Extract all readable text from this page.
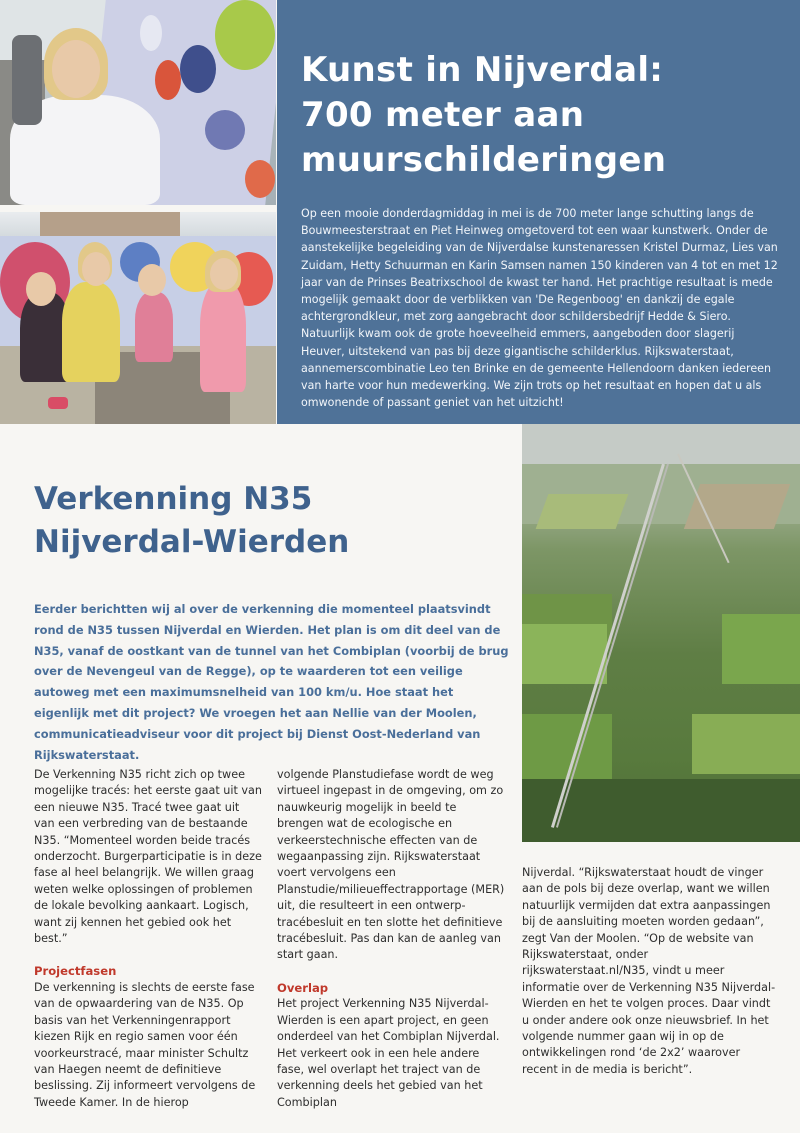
Kunst in Nijverdal:
700 meter aan
muurschilderingen

Op een mooie donderdagmiddag in mei is de 700 meter lange schutting langs de Bouwmeesterstraat en Piet Heinweg omgetoverd tot een waar kunstwerk. Onder de aanstekelijke begeleiding van de Nijverdalse kunstenaressen Kristel Durmaz, Lies van Zuidam, Hetty Schuurman en Karin Samsen namen 150 kinderen van 4 tot en met 12 jaar van de Prinses Beatrixschool de kwast ter hand. Het prachtige resultaat is mede mogelijk gemaakt door de verblikken van 'De Regenboog' en dankzij de egale achtergrondkleur, met zorg aangebracht door schildersbedrijf Hedde & Siero. Natuurlijk kwam ook de grote hoeveelheid emmers, aangeboden door slagerij Heuver, uitstekend van pas bij deze gigantische schilderklus. Rijkswaterstaat, aannemerscombinatie Leo ten Brinke en de gemeente Hellendoorn danken iedereen van harte voor hun medewerking. We zijn trots op het resultaat en hopen dat u als omwonende of passant geniet van het uitzicht!

Verkenning N35
Nijverdal-Wierden

Eerder berichtten wij al over de verkenning die momenteel plaatsvindt rond de N35 tussen Nijverdal en Wierden. Het plan is om dit deel van de N35, vanaf de oostkant van de tunnel van het Combiplan (voorbij de brug over de Nevengeul van de Regge), op te waarderen tot een veilige autoweg met een maximumsnelheid van 100 km/u. Hoe staat het eigenlijk met dit project? We vroegen het aan Nellie van der Moolen, communicatieadviseur voor dit project bij Dienst Oost-Nederland van Rijkswaterstaat.

De Verkenning N35 richt zich op twee mogelijke tracés: het eerste gaat uit van een nieuwe N35. Tracé twee gaat uit van een verbreding van de bestaande N35. “Momenteel worden beide tracés onderzocht. Burgerparticipatie is in deze fase al heel belangrijk. We willen graag weten welke oplossingen of problemen de lokale bevolking aankaart. Logisch, want zij kennen het gebied ook het best.”

Projectfasen

De verkenning is slechts de eerste fase van de opwaardering van de N35. Op basis van het Verkenningenrapport kiezen Rijk en regio samen voor één voorkeurstracé, maar minister Schultz van Haegen neemt de definitieve beslissing. Zij informeert vervolgens de Tweede Kamer. In de hierop

volgende Planstudiefase wordt de weg virtueel ingepast in de omgeving, om zo nauwkeurig mogelijk in beeld te brengen wat de ecologische en verkeerstechnische effecten van de wegaanpassing zijn. Rijkswaterstaat voert vervolgens een Planstudie/milieueffectrapportage (MER) uit, die resulteert in een ontwerp-tracébesluit en ten slotte het definitieve tracébesluit. Pas dan kan de aanleg van start gaan.

Overlap

Het project Verkenning N35 Nijverdal-Wierden is een apart project, en geen onderdeel van het Combiplan Nijverdal. Het verkeert ook in een hele andere fase, wel overlapt het traject van de verkenning deels het gebied van het Combiplan

Nijverdal. “Rijkswaterstaat houdt de vinger aan de pols bij deze overlap, want we willen natuurlijk vermijden dat extra aanpassingen bij de aansluiting moeten worden gedaan”, zegt Van der Moolen. “Op de website van Rijkswaterstaat, onder rijkswaterstaat.nl/N35, vindt u meer informatie over de Verkenning N35 Nijverdal-Wierden en het te volgen proces. Daar vindt u onder andere ook onze nieuwsbrief. In het volgende nummer gaan wij in op de ontwikkelingen rond ‘de 2x2’ waarover recent in de media is bericht”.
